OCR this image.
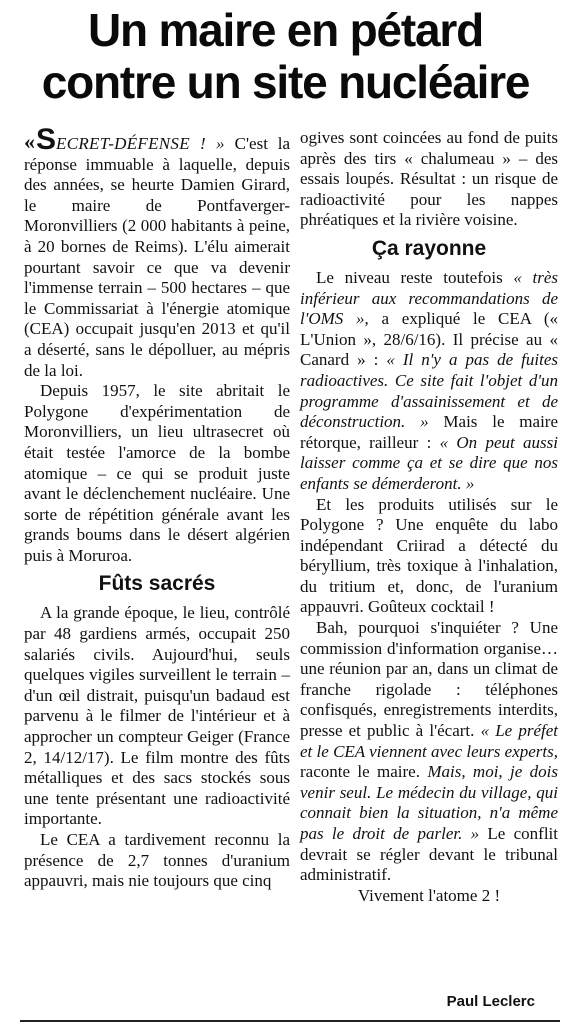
Un maire en pétard
contre un site nucléaire

«SECRET-DÉFENSE ! » C'est la réponse immuable à laquelle, depuis des années, se heurte Damien Girard, le maire de Pontfaverger-Moronvilliers (2 000 habitants à peine, à 20 bornes de Reims). L'élu aimerait pourtant savoir ce que va devenir l'immense terrain – 500 hectares – que le Commissariat à l'énergie atomique (CEA) occupait jusqu'en 2013 et qu'il a déserté, sans le dépolluer, au mépris de la loi.

Depuis 1957, le site abritait le Polygone d'expérimentation de Moronvilliers, un lieu ultrasecret où était testée l'amorce de la bombe atomique – ce qui se produit juste avant le déclenchement nucléaire. Une sorte de répétition générale avant les grands boums dans le désert algérien puis à Moruroa.

Fûts sacrés

A la grande époque, le lieu, contrôlé par 48 gardiens armés, occupait 250 salariés civils. Aujourd'hui, seuls quelques vigiles surveillent le terrain – d'un œil distrait, puisqu'un badaud est parvenu à le filmer de l'intérieur et à approcher un compteur Geiger (France 2, 14/12/17). Le film montre des fûts métalliques et des sacs stockés sous une tente présentant une radioactivité importante.

Le CEA a tardivement reconnu la présence de 2,7 tonnes d'uranium appauvri, mais nie toujours que cinq

ogives sont coincées au fond de puits après des tirs « chalumeau » – des essais loupés. Résultat : un risque de radioactivité pour les nappes phréatiques et la rivière voisine.

Ça rayonne

Le niveau reste toutefois « très inférieur aux recommandations de l'OMS », a expliqué le CEA (« L'Union », 28/6/16). Il précise au « Canard » : « Il n'y a pas de fuites radioactives. Ce site fait l'objet d'un programme d'assainissement et de déconstruction. » Mais le maire rétorque, railleur : « On peut aussi laisser comme ça et se dire que nos enfants se démerderont. »

Et les produits utilisés sur le Polygone ? Une enquête du labo indépendant Criirad a détecté du béryllium, très toxique à l'inhalation, du tritium et, donc, de l'uranium appauvri. Goûteux cocktail !

Bah, pourquoi s'inquiéter ? Une commission d'information organise… une réunion par an, dans un climat de franche rigolade : téléphones confisqués, enregistrements interdits, presse et public à l'écart. « Le préfet et le CEA viennent avec leurs experts, raconte le maire. Mais, moi, je dois venir seul. Le médecin du village, qui connait bien la situation, n'a même pas le droit de parler. » Le conflit devrait se régler devant le tribunal administratif.

Vivement l'atome 2 !

Paul Leclerc
